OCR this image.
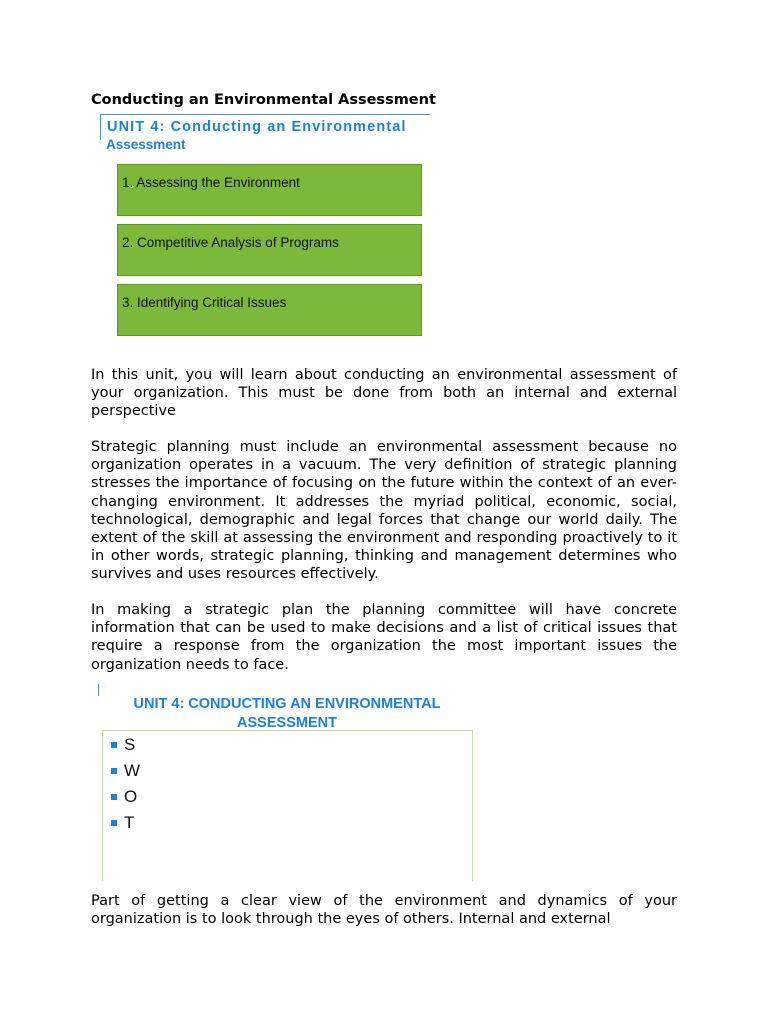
Conducting an Environmental Assessment
UNIT 4: Conducting an Environmental
Assessment
1. Assessing the Environment
2. Competitive Analysis of Programs
3. Identifying Critical Issues

In this unit, you will learn about conducting an environmental assessment of your organization. This must be done from both an internal and external perspective

Strategic planning must include an environmental assessment because no organization operates in a vacuum. The very definition of strategic planning stresses the importance of focusing on the future within the context of an ever-changing environment. It addresses the myriad political, economic, social, technological, demographic and legal forces that change our world daily. The extent of the skill at assessing the environment and responding proactively to it in other words, strategic planning, thinking and management determines who survives and uses resources effectively.

In making a strategic plan the planning committee will have concrete information that can be used to make decisions and a list of critical issues that require a response from the organization the most important issues the organization needs to face.

UNIT 4: CONDUCTING AN ENVIRONMENTAL
ASSESSMENT
S
W
O
T

Part of getting a clear view of the environment and dynamics of your organization is to look through the eyes of others. Internal and external
